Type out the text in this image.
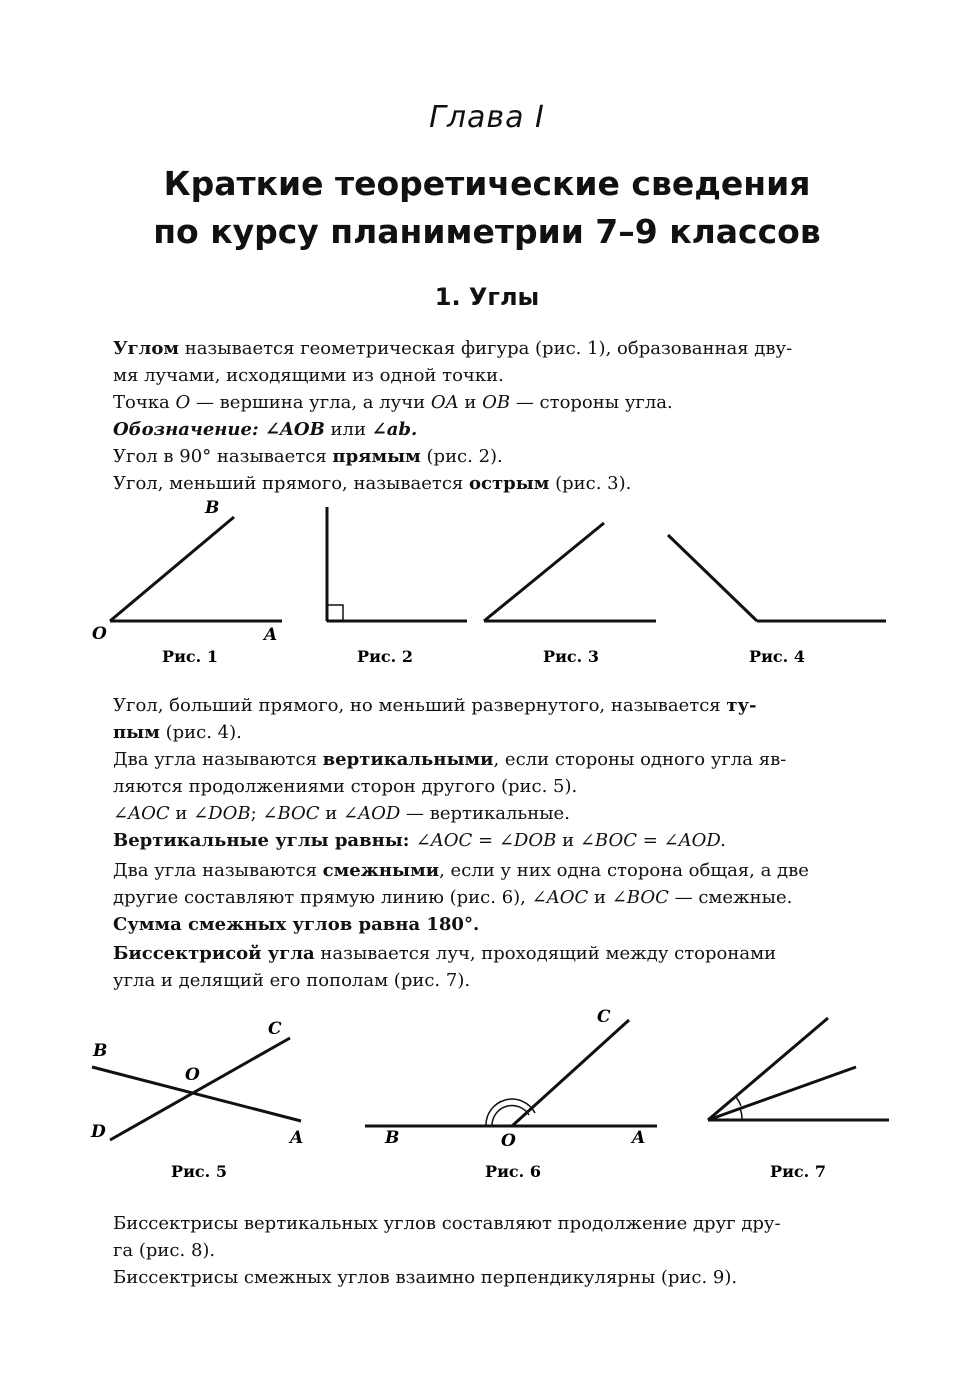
Глава I
Краткие теоретические сведения
по курсу планиметрии 7–9 классов
1. Углы
Углом называется геометрическая фигура (рис. 1), образованная дву-
мя лучами, исходящими из одной точки.
Точка O — вершина угла, а лучи OA и OB — стороны угла.
Обозначение: ∠AOB или ∠ab.
Угол в 90° называется прямым (рис. 2).
Угол, меньший прямого, называется острым (рис. 3).
B
O	A
Рис. 1	Рис. 2	Рис. 3	Рис. 4
Угол, больший прямого, но меньший развернутого, называется ту-
пым (рис. 4).
Два угла называются вертикальными, если стороны одного угла яв-
ляются продолжениями сторон другого (рис. 5).
∠AOC и ∠DOB; ∠BOC и ∠AOD — вертикальные.
Вертикальные углы равны: ∠AOC = ∠DOB и ∠BOC = ∠AOD.
Два угла называются смежными, если у них одна сторона общая, а две
другие составляют прямую линию (рис. 6), ∠AOC и ∠BOC — смежные.
Сумма смежных углов равна 180°.
Биссектрисой угла называется луч, проходящий между сторонами
угла и делящий его пополам (рис. 7).
C
B
O
D	A
C
B	O	A
Рис. 5	Рис. 6	Рис. 7
Биссектрисы вертикальных углов составляют продолжение друг дру-
га (рис. 8).
Биссектрисы смежных углов взаимно перпендикулярны (рис. 9).
